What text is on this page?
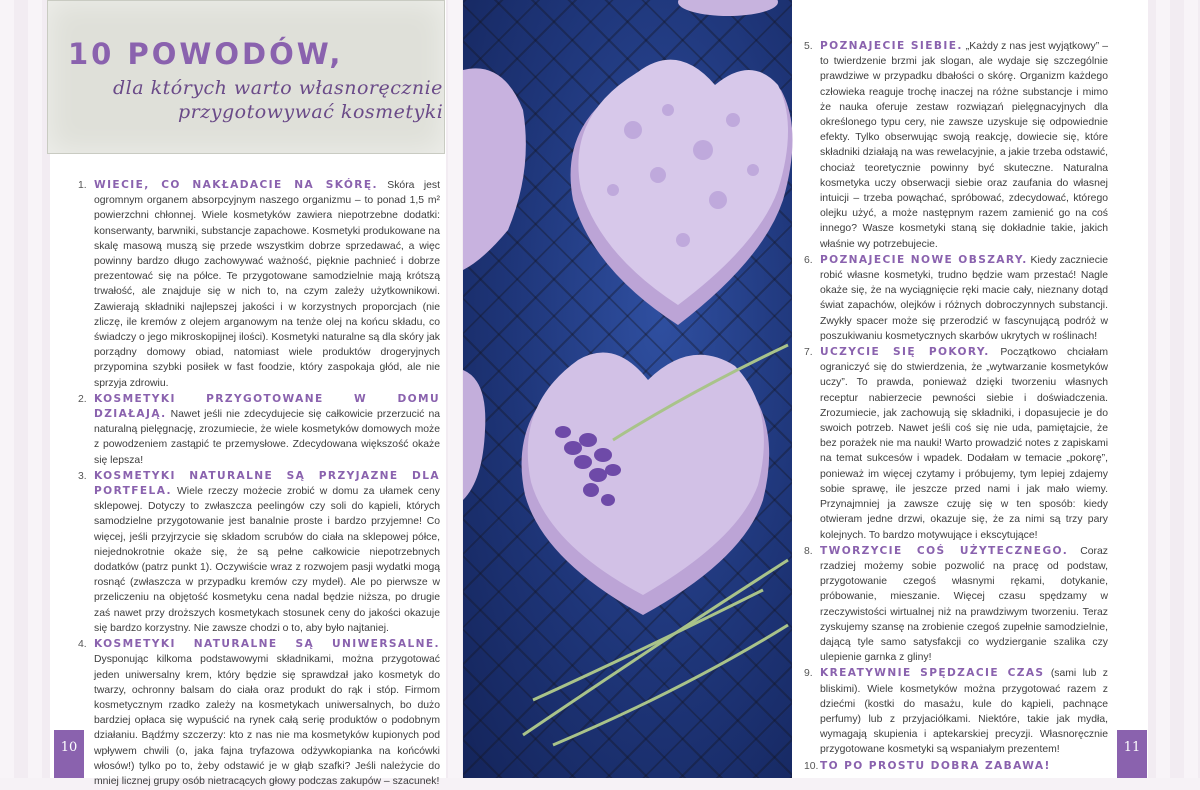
10 POWODÓW,
dla których warto własnoręcznie
przygotowywać kosmetyki
1. WIECIE, CO NAKŁADACIE NA SKÓRĘ. Skóra jest ogromnym organem absorpcyjnym naszego organizmu – to ponad 1,5 m² powierzchni chłonnej. Wiele kosmetyków zawiera niepotrzebne dodatki: konserwanty, barwniki, substancje zapachowe. Kosmetyki produkowane na skalę masową muszą się przede wszystkim dobrze sprzedawać, a więc powinny bardzo długo zachowywać ważność, pięknie pachnieć i dobrze prezentować się na półce. Te przygotowane samodzielnie mają krótszą trwałość, ale znajduje się w nich to, na czym zależy użytkownikowi. Zawierają składniki najlepszej jakości i w korzystnych proporcjach (nie zliczę, ile kremów z olejem arganowym na tenże olej na końcu składu, co świadczy o jego mikroskopijnej ilości). Kosmetyki naturalne są dla skóry jak porządny domowy obiad, natomiast wiele produktów drogeryjnych przypomina szybki posiłek w fast foodzie, który zaspokaja głód, ale nie sprzyja zdrowiu.
2. KOSMETYKI PRZYGOTOWANE W DOMU DZIAŁAJĄ. Nawet jeśli nie zdecydujecie się całkowicie przerzucić na naturalną pielęgnację, zrozumiecie, że wiele kosmetyków domowych może z powodzeniem zastąpić te przemysłowe. Zdecydowana większość okaże się lepsza!
3. KOSMETYKI NATURALNE SĄ PRZYJAZNE DLA PORTFELA. Wiele rzeczy możecie zrobić w domu za ułamek ceny sklepowej. Dotyczy to zwłaszcza peelingów czy soli do kąpieli, których samodzielne przygotowanie jest banalnie proste i bardzo przyjemne! Co więcej, jeśli przyjrzycie się składom scrubów do ciała na sklepowej półce, niejednokrotnie okaże się, że są pełne całkowicie niepotrzebnych dodatków (patrz punkt 1). Oczywiście wraz z rozwojem pasji wydatki mogą rosnąć (zwłaszcza w przypadku kremów czy mydeł). Ale po pierwsze w przeliczeniu na objętość kosmetyku cena nadal będzie niższa, po drugie zaś nawet przy droższych kosmetykach stosunek ceny do jakości okazuje się bardzo korzystny. Nie zawsze chodzi o to, aby było najtaniej.
4. KOSMETYKI NATURALNE SĄ UNIWERSALNE. Dysponując kilkoma podstawowymi składnikami, można przygotować jeden uniwersalny krem, który będzie się sprawdzał jako kosmetyk do twarzy, ochronny balsam do ciała oraz produkt do rąk i stóp. Firmom kosmetycznym rzadko zależy na kosmetykach uniwersalnych, bo dużo bardziej opłaca się wypuścić na rynek całą serię produktów o podobnym działaniu. Bądźmy szczerzy: kto z nas nie ma kosmetyków kupionych pod wpływem chwili (o, jaka fajna tryfazowa odżywkopianka na końcówki włosów!) tylko po to, żeby odstawić je w głąb szafki? Jeśli należycie do mniej licznej grupy osób nietracących głowy podczas zakupów – szacunek!
5. POZNAJECIE SIEBIE. „Każdy z nas jest wyjątkowy” – to twierdzenie brzmi jak slogan, ale wydaje się szczególnie prawdziwe w przypadku dbałości o skórę. Organizm każdego człowieka reaguje trochę inaczej na różne substancje i mimo że nauka oferuje zestaw rozwiązań pielęgnacyjnych dla określonego typu cery, nie zawsze uzyskuje się odpowiednie efekty. Tylko obserwując swoją reakcję, dowiecie się, które składniki działają na was rewelacyjnie, a jakie trzeba odstawić, chociaż teoretycznie powinny być skuteczne. Naturalna kosmetyka uczy obserwacji siebie oraz zaufania do własnej intuicji – trzeba powąchać, spróbować, zdecydować, którego olejku użyć, a może następnym razem zamienić go na coś innego? Wasze kosmetyki staną się dokładnie takie, jakich właśnie wy potrzebujecie.
6. POZNAJECIE NOWE OBSZARY. Kiedy zaczniecie robić własne kosmetyki, trudno będzie wam przestać! Nagle okaże się, że na wyciągnięcie ręki macie cały, nieznany dotąd świat zapachów, olejków i różnych dobroczynnych substancji. Zwykły spacer może się przerodzić w fascynującą podróż w poszukiwaniu kosmetycznych skarbów ukrytych w roślinach!
7. UCZYCIE SIĘ POKORY. Początkowo chciałam ograniczyć się do stwierdzenia, że „wytwarzanie kosmetyków uczy”. To prawda, ponieważ dzięki tworzeniu własnych receptur nabierzecie pewności siebie i doświadczenia. Zrozumiecie, jak zachowują się składniki, i dopasujecie je do swoich potrzeb. Nawet jeśli coś się nie uda, pamiętajcie, że bez porażek nie ma nauki! Warto prowadzić notes z zapiskami na temat sukcesów i wpadek. Dodałam w temacie „pokorę”, ponieważ im więcej czytamy i próbujemy, tym lepiej zdajemy sobie sprawę, ile jeszcze przed nami i jak mało wiemy. Przynajmniej ja zawsze czuję się w ten sposób: kiedy otwieram jedne drzwi, okazuje się, że za nimi są trzy pary kolejnych. To bardzo motywujące i ekscytujące!
8. TWORZYCIE COŚ UŻYTECZNEGO. Coraz rzadziej możemy sobie pozwolić na pracę od podstaw, przygotowanie czegoś własnymi rękami, dotykanie, próbowanie, mieszanie. Więcej czasu spędzamy w rzeczywistości wirtualnej niż na prawdziwym tworzeniu. Teraz zyskujemy szansę na zrobienie czegoś zupełnie samodzielnie, dającą tyle samo satysfakcji co wydzierganie szalika czy ulepienie garnka z gliny!
9. KREATYWNIE SPĘDZACIE CZAS (sami lub z bliskimi). Wiele kosmetyków można przygotować razem z dziećmi (kostki do masażu, kule do kąpieli, pachnące perfumy) lub z przyjaciółkami. Niektóre, takie jak mydła, wymagają skupienia i aptekarskiej precyzji. Własnoręcznie przygotowane kosmetyki są wspaniałym prezentem!
10. TO PO PROSTU DOBRA ZABAWA!
10	11
